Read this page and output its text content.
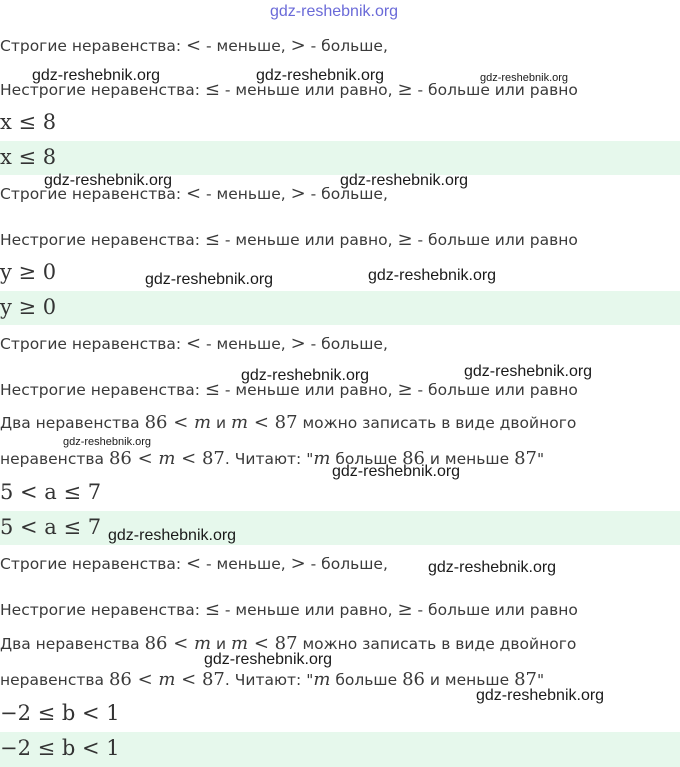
gdz-reshebnik.org
Строгие неравенства: < - меньше, > - больше,
Нестрогие неравенства: ≤ - меньше или равно, ≥ - больше или равно
x ≤ 8
x ≤ 8
Строгие неравенства: < - меньше, > - больше,
Нестрогие неравенства: ≤ - меньше или равно, ≥ - больше или равно
y ≥ 0
y ≥ 0
Строгие неравенства: < - меньше, > - больше,
Нестрогие неравенства: ≤ - меньше или равно, ≥ - больше или равно
Два неравенства 86 < m и m < 87 можно записать в виде двойного
неравенства 86 < m < 87. Читают: "m больше 86 и меньше 87"
5 < a ≤ 7
5 < a ≤ 7
Строгие неравенства: < - меньше, > - больше,
Нестрогие неравенства: ≤ - меньше или равно, ≥ - больше или равно
Два неравенства 86 < m и m < 87 можно записать в виде двойного
неравенства 86 < m < 87. Читают: "m больше 86 и меньше 87"
−2 ≤ b < 1
−2 ≤ b < 1
gdz-reshebnik.org	gdz-reshebnik.org	gdz-reshebnik.org
gdz-reshebnik.org	gdz-reshebnik.org
gdz-reshebnik.org	gdz-reshebnik.org
gdz-reshebnik.org	gdz-reshebnik.org
gdz-reshebnik.org
gdz-reshebnik.org
gdz-reshebnik.org
gdz-reshebnik.org
gdz-reshebnik.org
gdz-reshebnik.org
